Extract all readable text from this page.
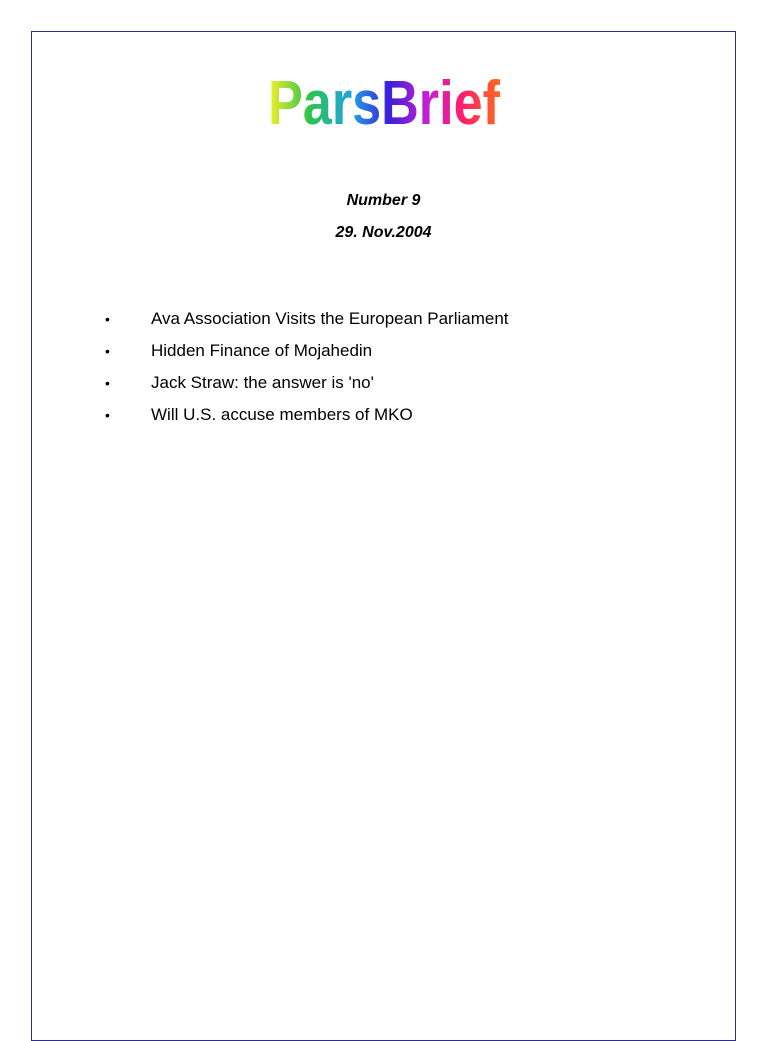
ParsBrief
Number 9
29. Nov.2004
• Ava Association Visits the European Parliament
• Hidden Finance of Mojahedin
• Jack Straw: the answer is 'no'
• Will U.S. accuse members of MKO
